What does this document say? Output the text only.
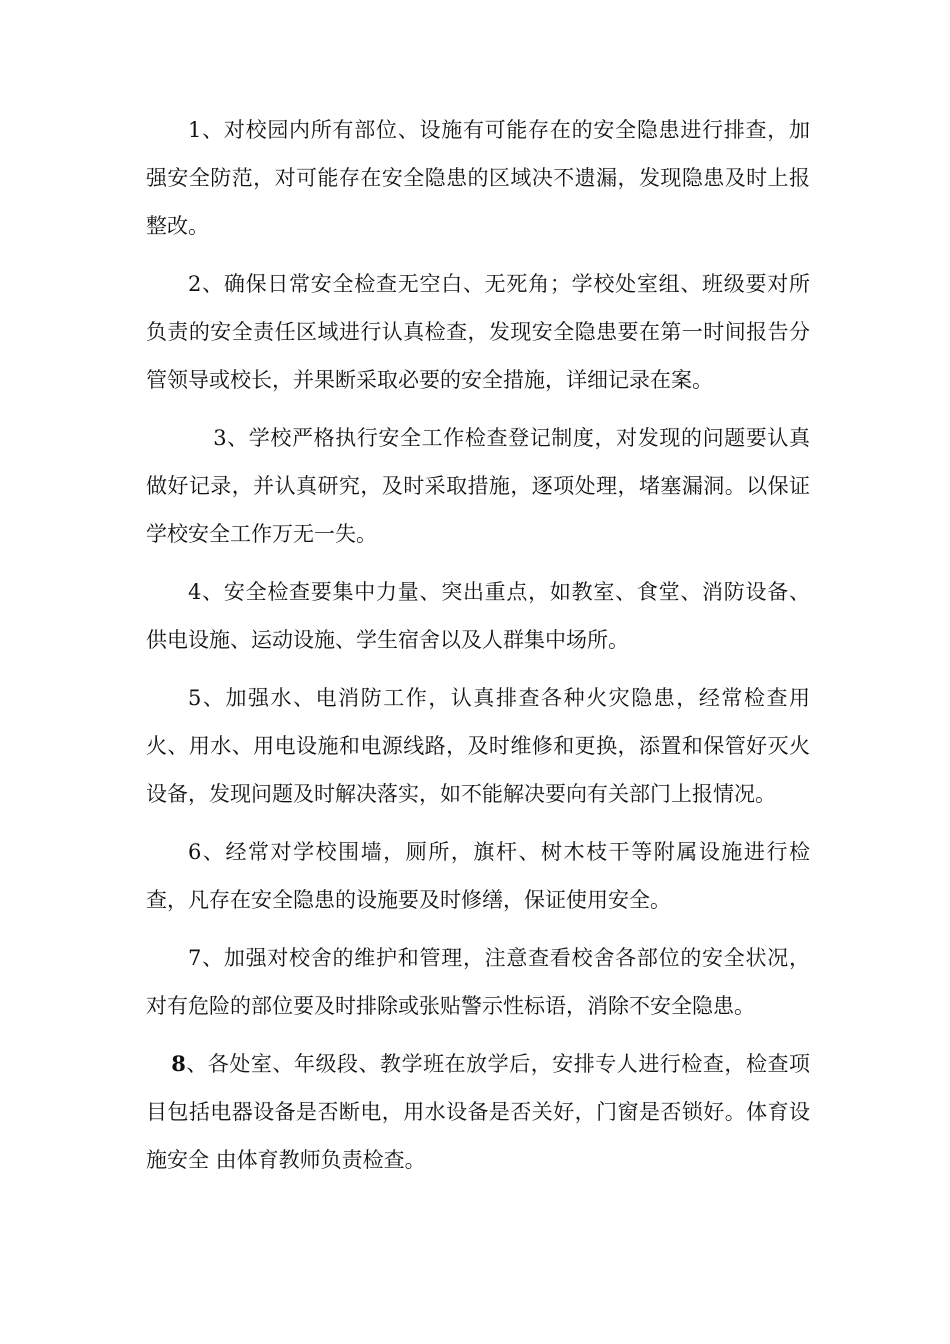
1、对校园内所有部位、设施有可能存在的安全隐患进行排查，加强安全防范，对可能存在安全隐患的区域决不遗漏，发现隐患及时上报整改。

2、确保日常安全检查无空白、无死角；学校处室组、班级要对所负责的安全责任区域进行认真检查，发现安全隐患要在第一时间报告分管领导或校长，并果断采取必要的安全措施，详细记录在案。

3、学校严格执行安全工作检查登记制度，对发现的问题要认真做好记录，并认真研究，及时采取措施，逐项处理，堵塞漏洞。以保证学校安全工作万无一失。

4、安全检查要集中力量、突出重点，如教室、食堂、消防设备、供电设施、运动设施、学生宿舍以及人群集中场所。

5、加强水、电消防工作，认真排查各种火灾隐患，经常检查用火、用水、用电设施和电源线路，及时维修和更换，添置和保管好灭火设备，发现问题及时解决落实，如不能解决要向有关部门上报情况。

6、经常对学校围墙，厕所，旗杆、树木枝干等附属设施进行检查，凡存在安全隐患的设施要及时修缮，保证使用安全。

7、加强对校舍的维护和管理，注意查看校舍各部位的安全状况，对有危险的部位要及时排除或张贴警示性标语，消除不安全隐患。

8、各处室、年级段、教学班在放学后，安排专人进行检查，检查项目包括电器设备是否断电，用水设备是否关好，门窗是否锁好。体育设施安全 由体育教师负责检查。
